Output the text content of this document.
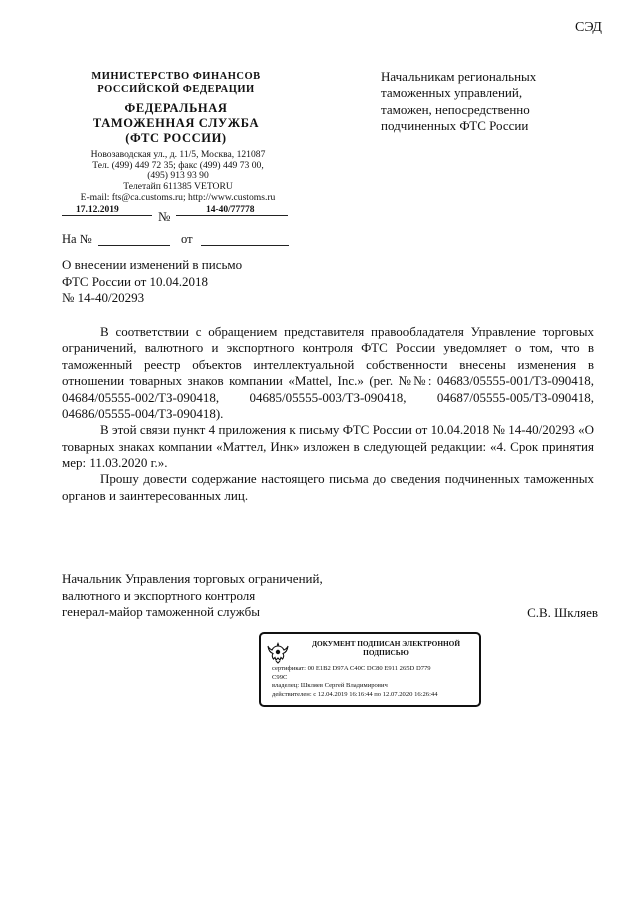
СЭД
МИНИСТЕРСТВО ФИНАНСОВ
РОССИЙСКОЙ ФЕДЕРАЦИИ
ФЕДЕРАЛЬНАЯ
ТАМОЖЕННАЯ СЛУЖБА
(ФТС РОССИИ)
Новозаводская ул., д. 11/5, Москва, 121087
Тел. (499) 449 72 35; факс (499) 449 73 00,
(495) 913 93 90
Телетайп 611385 VETORU
E-mail: fts@ca.customs.ru; http://www.customs.ru
17.12.2019	№	14-40/77778
На №	от
О внесении изменений в письмо
ФТС России от 10.04.2018
№ 14-40/20293
Начальникам региональных
таможенных управлений,
таможен, непосредственно
подчиненных ФТС России

В соответствии с обращением представителя правообладателя Управление торговых ограничений, валютного и экспортного контроля ФТС России уведомляет о том, что в таможенный реестр объектов интеллектуальной собственности внесены изменения в отношении товарных знаков компании «Mattel, Inc.» (рег. №№: 04683/05555-001/ТЗ-090418, 04684/05555-002/ТЗ-090418, 04685/05555-003/ТЗ-090418, 04687/05555-005/ТЗ-090418, 04686/05555-004/ТЗ-090418).

В этой связи пункт 4 приложения к письму ФТС России от 10.04.2018 № 14-40/20293 «О товарных знаках компании «Маттел, Инк» изложен в следующей редакции: «4. Срок принятия мер: 11.03.2020 г.».

Прошу довести содержание настоящего письма до сведения подчиненных таможенных органов и заинтересованных лиц.

Начальник Управления торговых ограничений,
валютного и экспортного контроля
генерал-майор таможенной службы	С.В. Шкляев
ДОКУМЕНТ ПОДПИСАН ЭЛЕКТРОННОЙ
ПОДПИСЬЮ
сертификат: 00 E1B2 D97A C40C DC80 E911 265D D779
C99C
владелец: Шкляев Сергей Владимирович
действителен: с 12.04.2019 16:16:44 по 12.07.2020 16:26:44
